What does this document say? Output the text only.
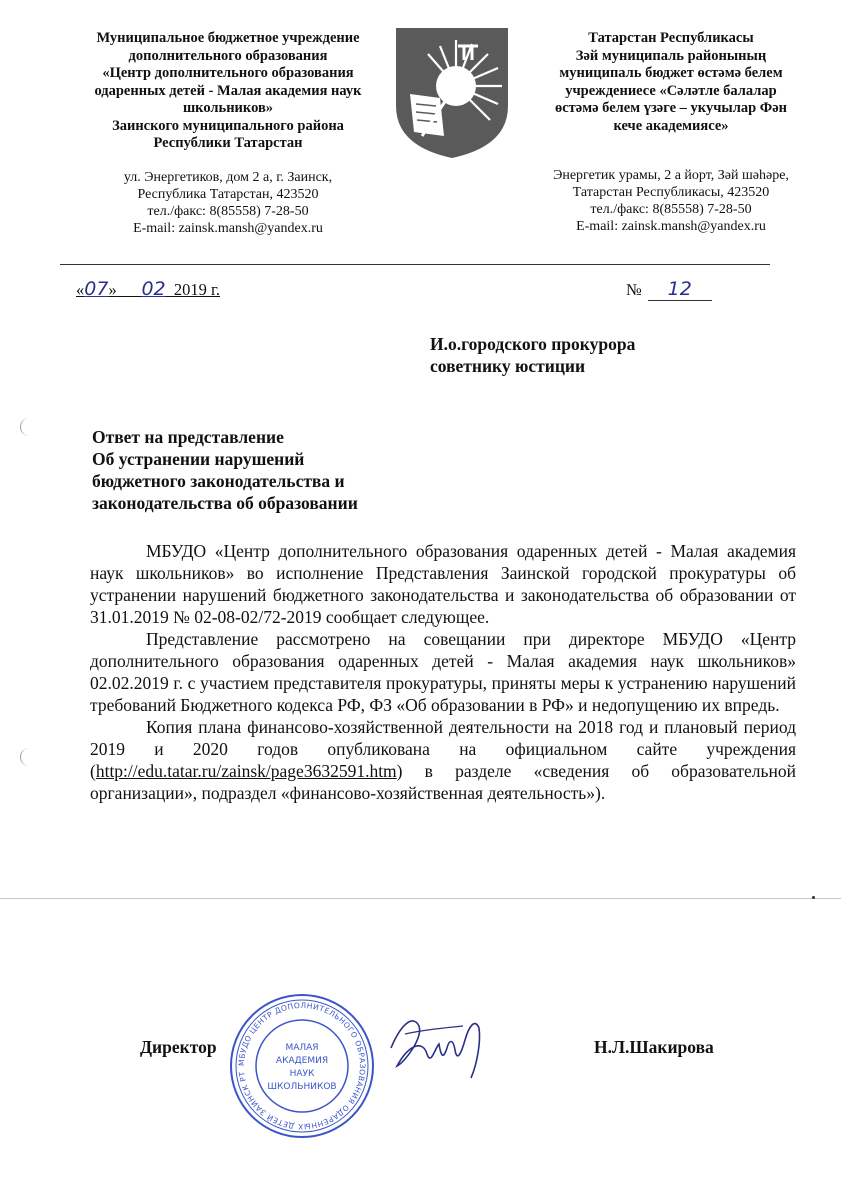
Муниципальное бюджетное учреждение
дополнительного образования
«Центр дополнительного образования
одаренных детей - Малая академия наук
школьников»
Заинского муниципального района
Республики Татарстан
ул. Энергетиков, дом 2 а, г. Заинск,
Республика Татарстан, 423520
тел./факс: 8(85558) 7-28-50
E-mail: zainsk.mansh@yandex.ru
Татарстан Республикасы
Зәй муниципаль районының
муниципаль бюджет өстәмә белем
учреждениесе «Сәләтле балалар
өстәмә белем үзәге – укучылар Фән
кече академиясе»
Энергетик урамы, 2 а йорт, Зәй шәһәре,
Татарстан Республикасы, 423520
тел./факс: 8(85558) 7-28-50
E-mail: zainsk.mansh@yandex.ru
«07» 02 2019 г.	№ 12
И.о.городского прокурора
советнику юстиции
Ответ на представление
Об устранении нарушений
бюджетного законодательства и
законодательства об образовании

МБУДО «Центр дополнительного образования одаренных детей - Малая академия наук школьников» во исполнение Представления Заинской городской прокуратуры об устранении нарушений бюджетного законодательства и законодательства об образовании от 31.01.2019 № 02-08-02/72-2019 сообщает следующее.

Представление рассмотрено на совещании при директоре МБУДО «Центр дополнительного образования одаренных детей - Малая академия наук школьников» 02.02.2019 г. с участием представителя прокуратуры, приняты меры к устранению нарушений требований Бюджетного кодекса РФ, ФЗ «Об образовании в РФ» и недопущению их впредь.

Копия плана финансово-хозяйственной деятельности на 2018 год и плановый период 2019 и 2020 годов опубликована на официальном сайте учреждения (http://edu.tatar.ru/zainsk/page3632591.htm) в разделе «сведения об образовательной организации», подраздел «финансово-хозяйственная деятельность»).

Директор	Н.Л.Шакирова
МБУДО ЦЕНТР ДОПОЛНИТЕЛЬНОГО ОБРАЗОВАНИЯ ОДАРЕННЫХ ДЕТЕЙ ЗАИНСК РТ
МАЛАЯ
АКАДЕМИЯ
НАУК
ШКОЛЬНИКОВ
